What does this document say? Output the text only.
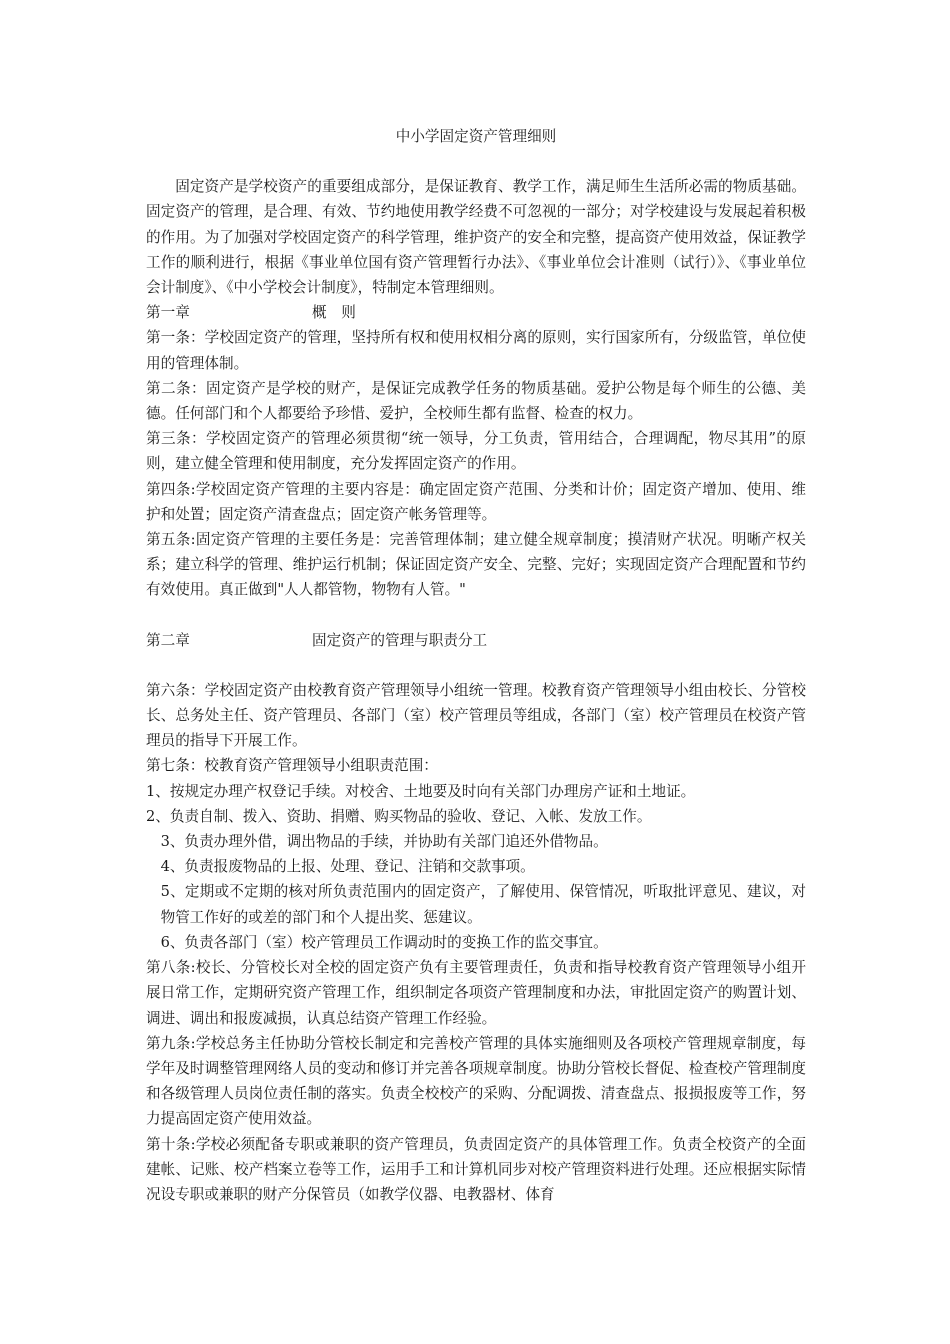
中小学固定资产管理细则

固定资产是学校资产的重要组成部分，是保证教育、教学工作，满足师生生活所必需的物质基础。固定资产的管理，是合理、有效、节约地使用教学经费不可忽视的一部分；对学校建设与发展起着积极的作用。为了加强对学校固定资产的科学管理，维护资产的安全和完整，提高资产使用效益，保证教学工作的顺利进行，根据《事业单位国有资产管理暂行办法》、《事业单位会计准则（试行）》、《事业单位会计制度》、《中小学校会计制度》，特制定本管理细则。

第一章	概　则

第一条：学校固定资产的管理，坚持所有权和使用权相分离的原则，实行国家所有，分级监管，单位使用的管理体制。

第二条：固定资产是学校的财产，是保证完成教学任务的物质基础。爱护公物是每个师生的公德、美德。任何部门和个人都要给予珍惜、爱护，全校师生都有监督、检查的权力。

第三条：学校固定资产的管理必须贯彻“统一领导，分工负责，管用结合，合理调配，物尽其用”的原则，建立健全管理和使用制度，充分发挥固定资产的作用。

第四条:学校固定资产管理的主要内容是：确定固定资产范围、分类和计价；固定资产增加、使用、维护和处置；固定资产清查盘点；固定资产帐务管理等。

第五条:固定资产管理的主要任务是：完善管理体制；建立健全规章制度；摸清财产状况。明晰产权关系；建立科学的管理、维护运行机制；保证固定资产安全、完整、完好；实现固定资产合理配置和节约有效使用。真正做到"人人都管物，物物有人管。"

第二章	固定资产的管理与职责分工

第六条：学校固定资产由校教育资产管理领导小组统一管理。校教育资产管理领导小组由校长、分管校长、总务处主任、资产管理员、各部门（室）校产管理员等组成，各部门（室）校产管理员在校资产管理员的指导下开展工作。

第七条：校教育资产管理领导小组职责范围：

1、按规定办理产权登记手续。对校舍、土地要及时向有关部门办理房产证和土地证。

2、负责自制、拨入、资助、捐赠、购买物品的验收、登记、入帐、发放工作。

3、负责办理外借，调出物品的手续，并协助有关部门追还外借物品。

4、负责报废物品的上报、处理、登记、注销和交款事项。

5、定期或不定期的核对所负责范围内的固定资产，了解使用、保管情况，听取批评意见、建议，对物管工作好的或差的部门和个人提出奖、惩建议。

6、负责各部门（室）校产管理员工作调动时的变换工作的监交事宜。

第八条:校长、分管校长对全校的固定资产负有主要管理责任，负责和指导校教育资产管理领导小组开展日常工作，定期研究资产管理工作，组织制定各项资产管理制度和办法，审批固定资产的购置计划、调进、调出和报废减损，认真总结资产管理工作经验。

第九条:学校总务主任协助分管校长制定和完善校产管理的具体实施细则及各项校产管理规章制度，每学年及时调整管理网络人员的变动和修订并完善各项规章制度。协助分管校长督促、检查校产管理制度和各级管理人员岗位责任制的落实。负责全校校产的采购、分配调拨、清查盘点、报损报废等工作，努力提高固定资产使用效益。

第十条:学校必须配备专职或兼职的资产管理员，负责固定资产的具体管理工作。负责全校资产的全面建帐、记账、校产档案立卷等工作，运用手工和计算机同步对校产管理资料进行处理。还应根据实际情况设专职或兼职的财产分保管员（如教学仪器、电教器材、体育
